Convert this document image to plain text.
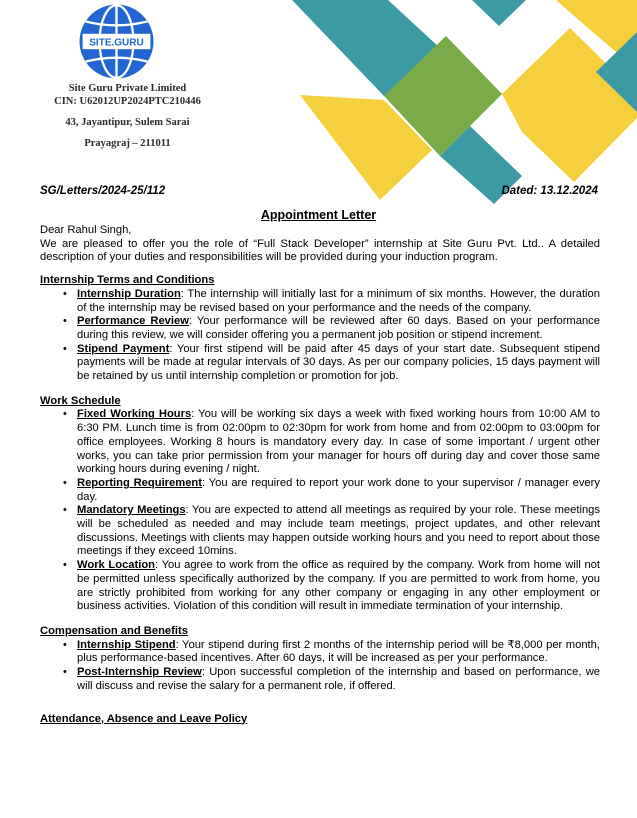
SITE.GURU
Site Guru Private Limited
CIN: U62012UP2024PTC210446
43, Jayantipur, Sulem Sarai
Prayagraj – 211011
SG/Letters/2024-25/112	Dated: 13.12.2024
Appointment Letter

Dear Rahul Singh,

We are pleased to offer you the role of “Full Stack Developer” internship at Site Guru Pvt. Ltd.. A detailed description of your duties and responsibilities will be provided during your induction program.

Internship Terms and Conditions

• Internship Duration: The internship will initially last for a minimum of six months. However, the duration of the internship may be revised based on your performance and the needs of the company.
• Performance Review: Your performance will be reviewed after 60 days. Based on your performance during this review, we will consider offering you a permanent job position or stipend increment.
• Stipend Payment: Your first stipend will be paid after 45 days of your start date. Subsequent stipend payments will be made at regular intervals of 30 days. As per our company policies, 15 days payment will be retained by us until internship completion or promotion for job.

Work Schedule

• Fixed Working Hours: You will be working six days a week with fixed working hours from 10:00 AM to 6:30 PM. Lunch time is from 02:00pm to 02:30pm for work from home and from 02:00pm to 03:00pm for office employees. Working 8 hours is mandatory every day. In case of some important / urgent other works, you can take prior permission from your manager for hours off during day and cover those same working hours during evening / night.
• Reporting Requirement: You are required to report your work done to your supervisor / manager every day.
• Mandatory Meetings: You are expected to attend all meetings as required by your role. These meetings will be scheduled as needed and may include team meetings, project updates, and other relevant discussions. Meetings with clients may happen outside working hours and you need to report about those meetings if they exceed 10mins.
• Work Location: You agree to work from the office as required by the company. Work from home will not be permitted unless specifically authorized by the company. If you are permitted to work from home, you are strictly prohibited from working for any other company or engaging in any other employment or business activities. Violation of this condition will result in immediate termination of your internship.

Compensation and Benefits

• Internship Stipend: Your stipend during first 2 months of the internship period will be ₹8,000 per month, plus performance-based incentives. After 60 days, it will be increased as per your performance.
• Post-Internship Review: Upon successful completion of the internship and based on performance, we will discuss and revise the salary for a permanent role, if offered.

Attendance, Absence and Leave Policy
